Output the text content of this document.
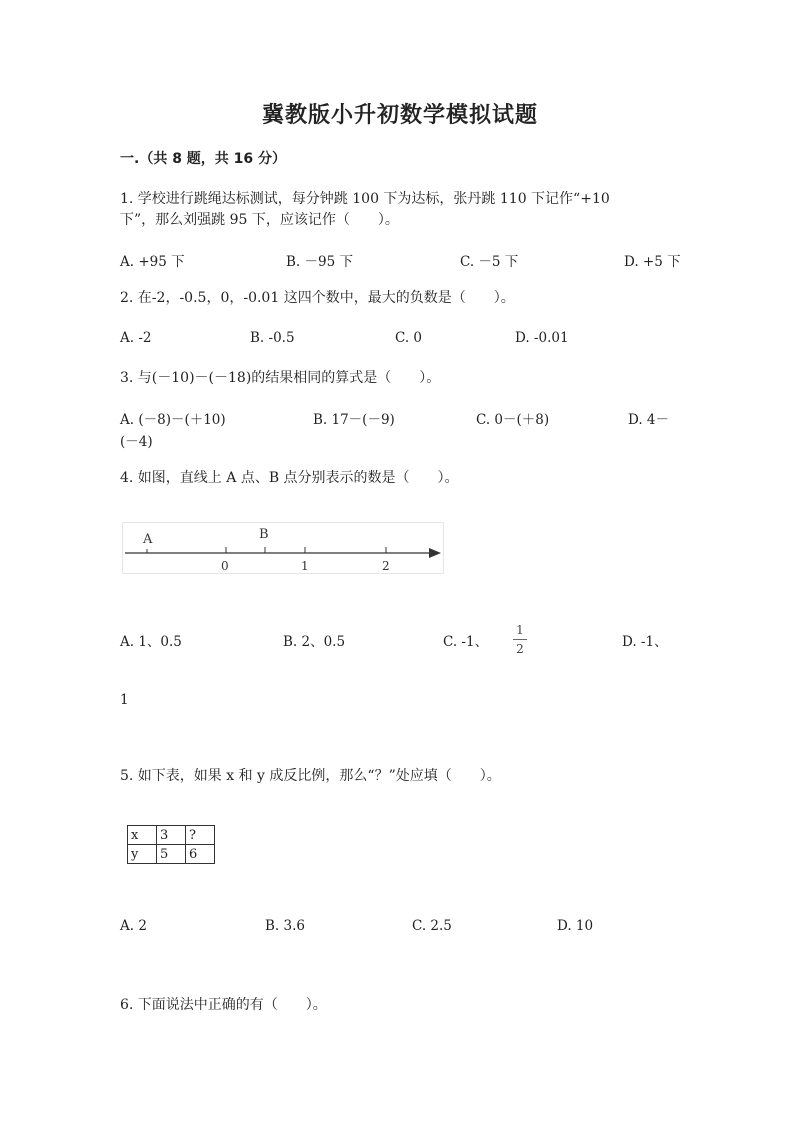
冀教版小升初数学模拟试题
一.（共 8 题，共 16 分）
1. 学校进行跳绳达标测试，每分钟跳 100 下为达标，张丹跳 110 下记作“+10
下”，那么刘强跳 95 下，应该记作（　　）。
A. +95 下	B. －95 下	C. －5 下	D. +5 下
2. 在-2，-0.5，0，-0.01 这四个数中，最大的负数是（　　）。
A. -2	B. -0.5	C. 0	D. -0.01
3. 与(－10)－(－18)的结果相同的算式是（　　）。
A. (－8)－(＋10)	B. 17－(－9)	C. 0－(＋8)	D. 4－
(－4)
4. 如图，直线上 A 点、B 点分别表示的数是（　　）。
A	B
0	1	2
A. 1、0.5	B. 2、0.5	C. -1、
1
2	D. -1、
1
5. 如下表，如果 x 和 y 成反比例，那么“？”处应填（　　）。
x	3	?
y	5	6
A. 2	B. 3.6	C. 2.5	D. 10
6. 下面说法中正确的有（　　）。
